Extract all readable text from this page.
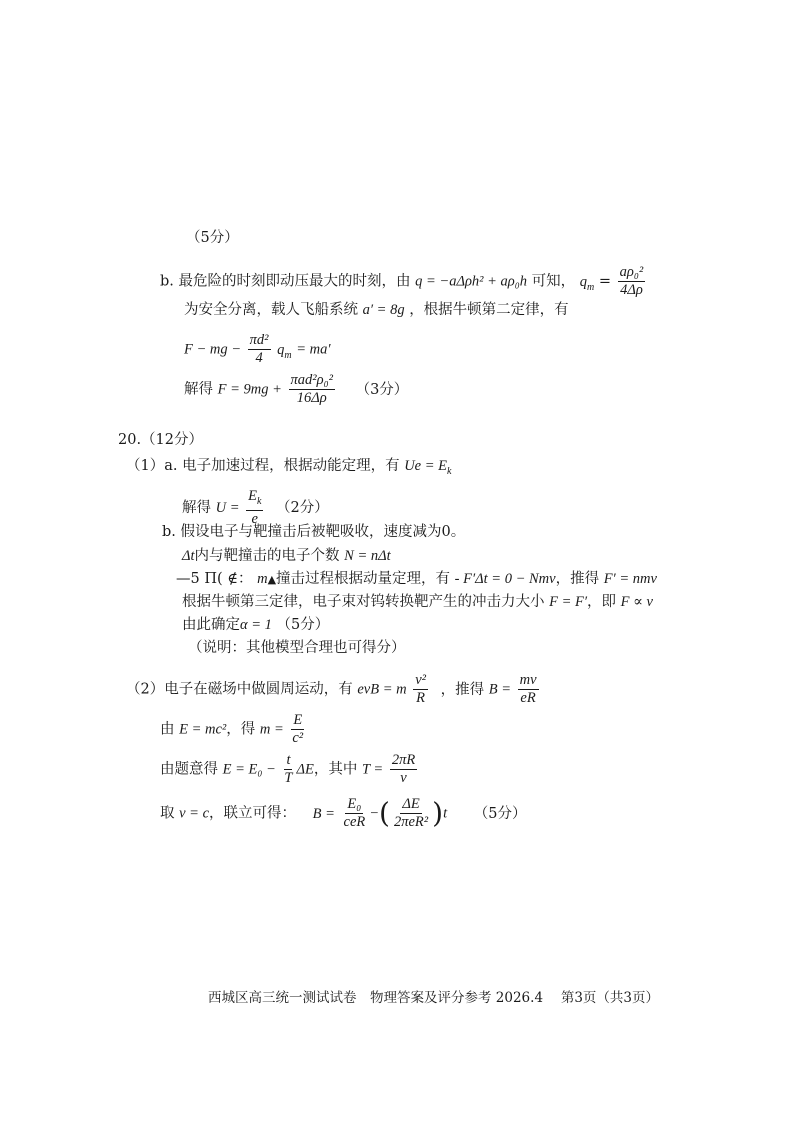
（5分）
b. 最危险的时刻即动压最大的时刻，由 q = −aΔρh² + aρ₀h 可知， $q_m = \frac{\text{aρ₀²}}{4\Delta\rho}$
为安全分离，载人飞船系统 a′ = 8g ，根据牛顿第二定律，有
F − mg − $\frac{\text{πd²}}{4} q_m = ma'$
解得 $F = 9mg + \frac{\text{πad²ρ₀²}}{16\Delta\rho} (3$分）
20.（12分）
（1）a. 电子加速过程，根据动能定理，有 $Ue = E_k$
解得 $U = \frac{E_k}{e} (2$分）
b. 假设电子与靶撞击后被靶吸收，速度减为0。
Δt内与靶撞击的电子个数 N = nΔt
—5 Π( ∉： m▲撞击过程根据动量定理，有 - F′Δt = 0 − Nmv，推得 F′ = nmv
根据牛顿第三定律，电子束对钨转换靶产生的冲击力大小 F = F′，即 F ∝ v
由此确定α = 1 （5分）
（说明：其他模型合理也可得分）
（2）电子在磁场中做圆周运动，有 evB = m $\frac{\text{v²}}{R}$ ，推得 $B = \frac{mv}{eR}$
由 E = mc²，得 $m = \frac{E}{\text{c²}}$
由题意得 $E = E_0 - \frac{t}{T}$ ΔE，其中 $T = \frac{2\pi R}{v}$
取 v = c，联立可得： $B = \frac{\text{E₀}}{\text{ceR}}$ −( $\frac{\Delta E}{\text{2πeR²}} )t$ （5分）
西城区高三统一测试试卷　物理答案及评分参考 2026.4　 第3页（共3页）
